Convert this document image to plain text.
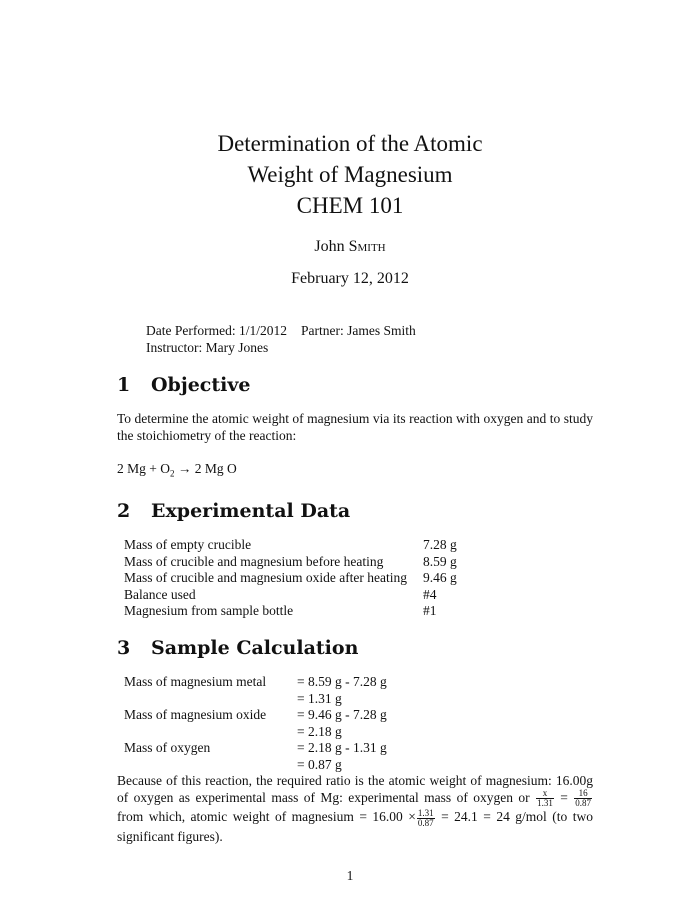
Determination of the Atomic
Weight of Magnesium
CHEM 101
John Smith
February 12, 2012
Date Performed: 1/1/2012 Partner: James Smith
Instructor: Mary Jones
1 Objective
To determine the atomic weight of magnesium via its reaction with oxygen and to study the stoichiometry of the reaction:
2 $Mg + O_2 \to 2$ Mg O
2 Experimental Data
Mass of empty crucible	7.28 g
Mass of crucible and magnesium before heating	8.59 g
Mass of crucible and magnesium oxide after heating	9.46 g
Balance used	#4
Magnesium from sample bottle	#1
3 Sample Calculation
Mass of magnesium metal	= 8.59 g - 7.28 g
	= 1.31 g
Mass of magnesium oxide	= 9.46 g - 7.28 g
	= 2.18 g
Mass of oxygen	= 2.18 g - 1.31 g
	= 0.87 g
Because of this reaction, the required ratio is the atomic weight of magnesium: 16.00g of oxygen as experimental mass of Mg: experimental mass of oxygen or $\frac{x}{1.31} = \frac{16}{0.87}$
from which, atomic weight of magnesium = $16.00 \times \frac{1.31}{0.87} = 24.1 = 24$ g/mol (to two significant figures).
1
